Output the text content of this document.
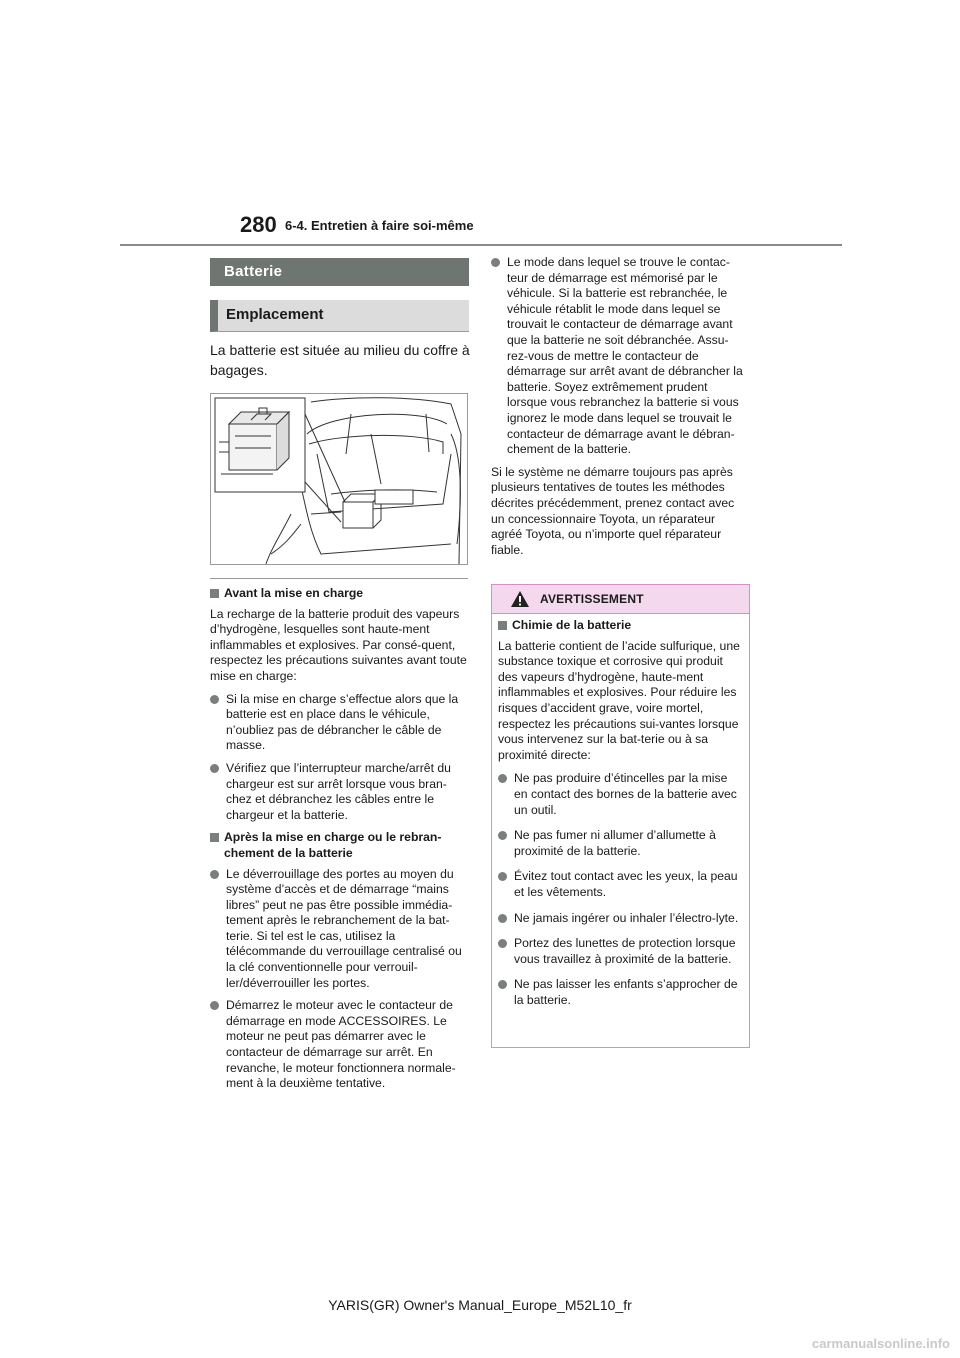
280 6-4. Entretien à faire soi-même
Batterie
Emplacement
La batterie est située au milieu du coffre à bagages.
Avant la mise en charge

La recharge de la batterie produit des vapeurs d’hydrogène, lesquelles sont haute-ment inflammables et explosives. Par consé-quent, respectez les précautions suivantes avant toute mise en charge:

Si la mise en charge s’effectue alors que la batterie est en place dans le véhicule, n’oubliez pas de débrancher le câble de masse.
Vérifiez que l’interrupteur marche/arrêt du chargeur est sur arrêt lorsque vous bran-chez et débranchez les câbles entre le chargeur et la batterie.
Après la mise en charge ou le rebran-chement de la batterie
Le déverrouillage des portes au moyen du système d’accès et de démarrage “mains libres” peut ne pas être possible immédia-tement après le rebranchement de la bat-terie. Si tel est le cas, utilisez la télécommande du verrouillage centralisé ou la clé conventionnelle pour verrouil-ler/déverrouiller les portes.
Démarrez le moteur avec le contacteur de démarrage en mode ACCESSOIRES. Le moteur ne peut pas démarrer avec le contacteur de démarrage sur arrêt. En revanche, le moteur fonctionnera normale-ment à la deuxième tentative.
Le mode dans lequel se trouve le contac-teur de démarrage est mémorisé par le véhicule. Si la batterie est rebranchée, le véhicule rétablit le mode dans lequel se trouvait le contacteur de démarrage avant que la batterie ne soit débranchée. Assu-rez-vous de mettre le contacteur de démarrage sur arrêt avant de débrancher la batterie. Soyez extrêmement prudent lorsque vous rebranchez la batterie si vous ignorez le mode dans lequel se trouvait le contacteur de démarrage avant le débran-chement de la batterie.

Si le système ne démarre toujours pas après plusieurs tentatives de toutes les méthodes décrites précédemment, prenez contact avec un concessionnaire Toyota, un réparateur agréé Toyota, ou n’importe quel réparateur fiable.

AVERTISSEMENT
Chimie de la batterie

La batterie contient de l’acide sulfurique, une substance toxique et corrosive qui produit des vapeurs d’hydrogène, haute-ment inflammables et explosives. Pour réduire les risques d’accident grave, voire mortel, respectez les précautions sui-vantes lorsque vous intervenez sur la bat-terie ou à sa proximité directe:

Ne pas produire d’étincelles par la mise en contact des bornes de la batterie avec un outil.
Ne pas fumer ni allumer d’allumette à proximité de la batterie.
Évitez tout contact avec les yeux, la peau et les vêtements.
Ne jamais ingérer ou inhaler l’électro-lyte.
Portez des lunettes de protection lorsque vous travaillez à proximité de la batterie.
Ne pas laisser les enfants s’approcher de la batterie.
YARIS(GR) Owner's Manual_Europe_M52L10_fr
carmanualsonline.info
